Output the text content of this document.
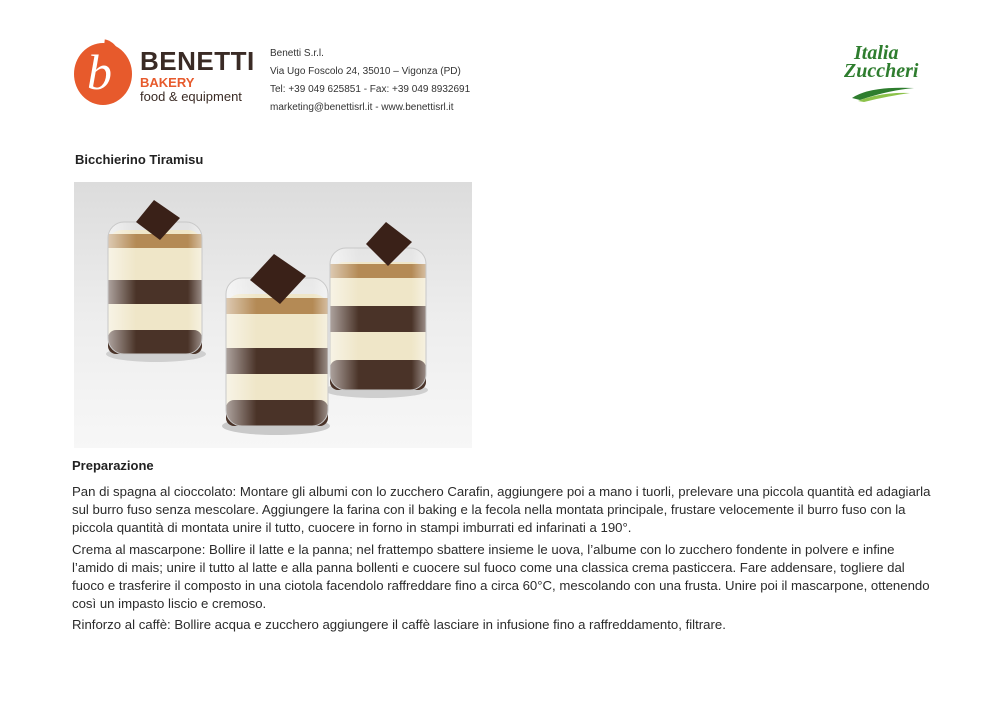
b BENETTI
BAKERY
food & equipment
Benetti S.r.l.
Via Ugo Foscolo 24, 35010 – Vigonza (PD)
Tel: +39 049 625851 - Fax: +39 049 8932691
marketing@benettisrl.it - www.benettisrl.it
Italia
Zuccheri
Bicchierino Tiramisu
Preparazione

Pan di spagna al cioccolato: Montare gli albumi con lo zucchero Carafin, aggiungere poi a mano i tuorli, prelevare una piccola quantità ed adagiarla sul burro fuso senza mescolare. Aggiungere la farina con il baking e la fecola nella montata principale, frustare velocemente il burro fuso con la piccola quantità di montata unire il tutto, cuocere in forno in stampi imburrati ed infarinati a 190°.

Crema al mascarpone: Bollire il latte e la panna; nel frattempo sbattere insieme le uova, l’albume con lo zucchero fondente in polvere e infine l’amido di mais; unire il tutto al latte e alla panna bollenti e cuocere sul fuoco come una classica crema pasticcera. Fare addensare, togliere dal fuoco e trasferire il composto in una ciotola facendolo raffreddare fino a circa 60°C, mescolando con una frusta. Unire poi il mascarpone, ottenendo così un impasto liscio e cremoso.

Rinforzo al caffè: Bollire acqua e zucchero aggiungere il caffè lasciare in infusione fino a raffreddamento, filtrare.
